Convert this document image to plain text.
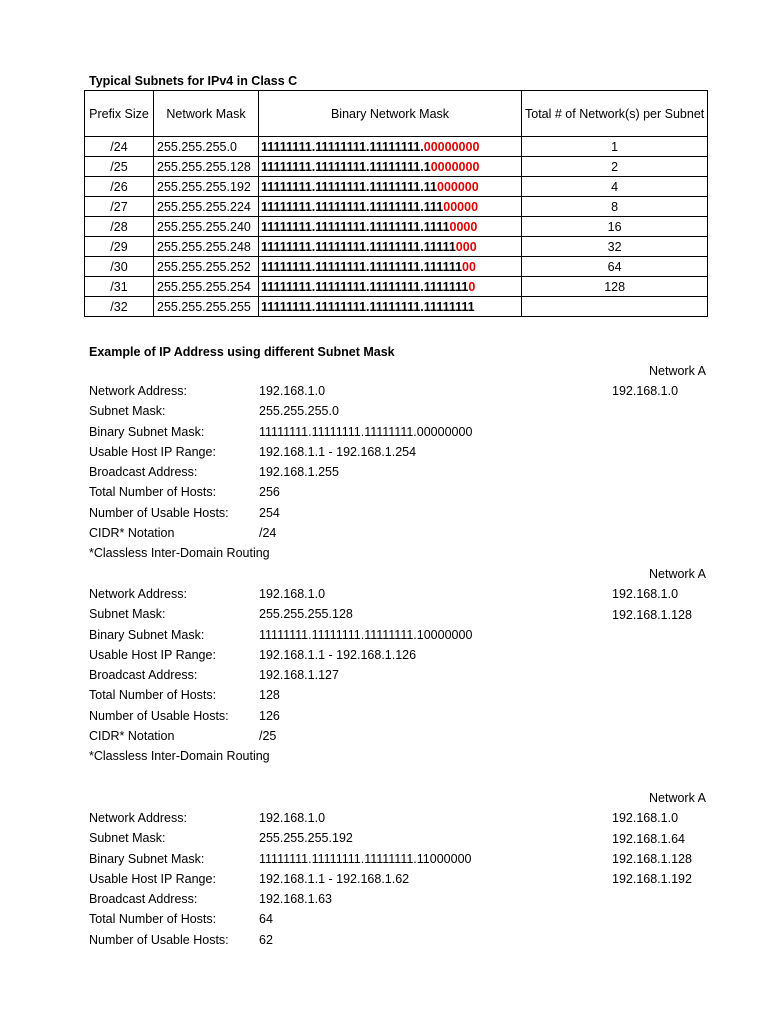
Typical Subnets for IPv4 in Class C
Prefix Size	Network Mask	Binary Network Mask	Total # of Network(s) per Subnet
/24	255.255.255.0	11111111.11111111.11111111.00000000	1
/25	255.255.255.128	11111111.11111111.11111111.10000000	2
/26	255.255.255.192	11111111.11111111.11111111.11000000	4
/27	255.255.255.224	11111111.11111111.11111111.11100000	8
/28	255.255.255.240	11111111.11111111.11111111.11110000	16
/29	255.255.255.248	11111111.11111111.11111111.11111000	32
/30	255.255.255.252	11111111.11111111.11111111.11111100	64
/31	255.255.255.254	11111111.11111111.11111111.11111110	128
/32	255.255.255.255	11111111.11111111.11111111.11111111	
Example of IP Address using different Subnet Mask
Network A
192.168.1.0
Network Address:	192.168.1.0
Subnet Mask:	255.255.255.0
Binary Subnet Mask:	11111111.11111111.11111111.00000000
Usable Host IP Range:	192.168.1.1 - 192.168.1.254
Broadcast Address:	192.168.1.255
Total Number of Hosts:	256
Number of Usable Hosts: 254
CIDR* Notation	/24
*Classless Inter-Domain Routing
Network A
192.168.1.0
192.168.1.128
Network Address:	192.168.1.0
Subnet Mask:	255.255.255.128
Binary Subnet Mask:	11111111.11111111.11111111.10000000
Usable Host IP Range:	192.168.1.1 - 192.168.1.126
Broadcast Address:	192.168.1.127
Total Number of Hosts:	128
Number of Usable Hosts: 126
CIDR* Notation	/25
*Classless Inter-Domain Routing
Network A
192.168.1.0
192.168.1.64
192.168.1.128
192.168.1.192
Network Address:	192.168.1.0
Subnet Mask:	255.255.255.192
Binary Subnet Mask:	11111111.11111111.11111111.11000000
Usable Host IP Range:	192.168.1.1 - 192.168.1.62
Broadcast Address:	192.168.1.63
Total Number of Hosts:	64
Number of Usable Hosts: 62
